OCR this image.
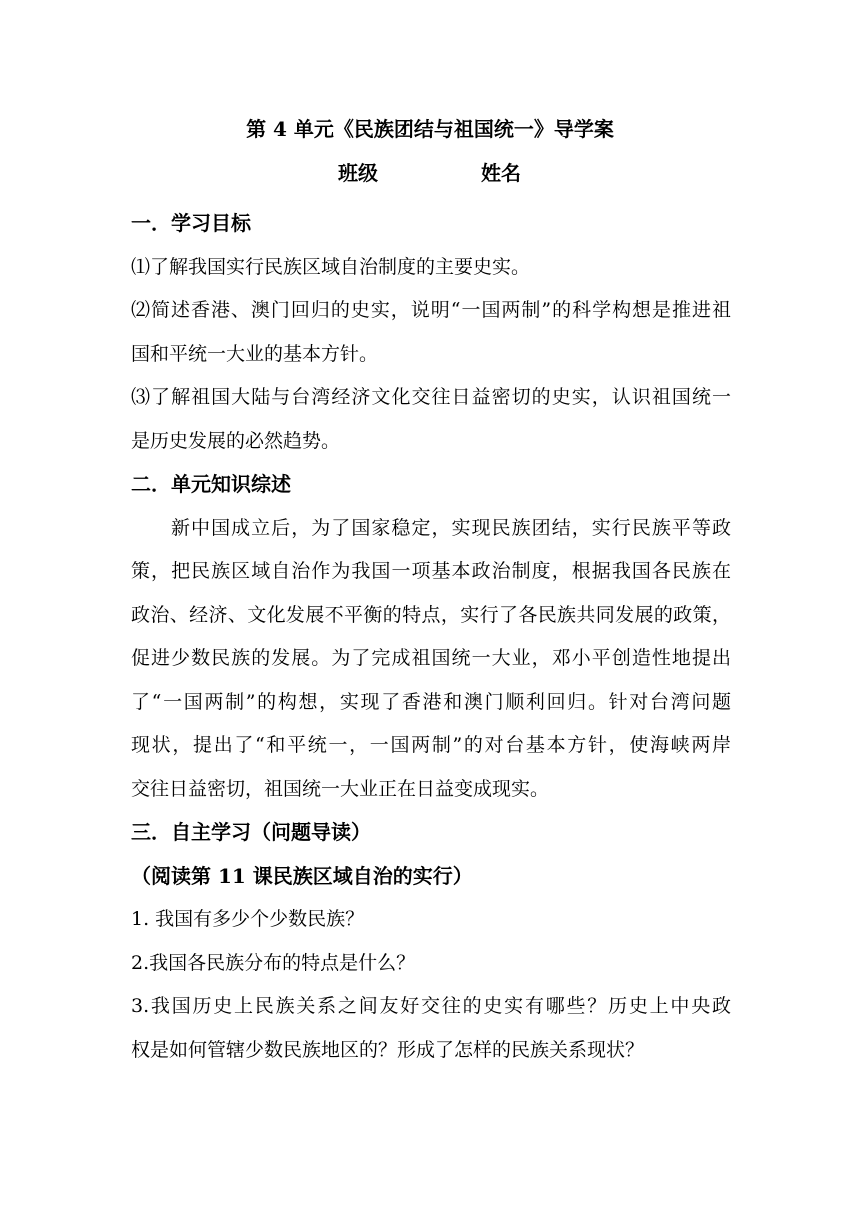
第 4 单元《民族团结与祖国统一》导学案
班级	姓名
一．学习目标
⑴了解我国实行民族区域自治制度的主要史实。
⑵简述香港、澳门回归的史实，说明“一国两制”的科学构想是推进祖
国和平统一大业的基本方针。
⑶了解祖国大陆与台湾经济文化交往日益密切的史实，认识祖国统一
是历史发展的必然趋势。
二．单元知识综述
新中国成立后，为了国家稳定，实现民族团结，实行民族平等政
策，把民族区域自治作为我国一项基本政治制度，根据我国各民族在
政治、经济、文化发展不平衡的特点，实行了各民族共同发展的政策，
促进少数民族的发展。为了完成祖国统一大业，邓小平创造性地提出
了“一国两制”的构想，实现了香港和澳门顺利回归。针对台湾问题
现状，提出了“和平统一，一国两制”的对台基本方针，使海峡两岸
交往日益密切，祖国统一大业正在日益变成现实。
三．自主学习（问题导读）
（阅读第 11 课民族区域自治的实行）
1. 我国有多少个少数民族？
2.我国各民族分布的特点是什么？
3.我国历史上民族关系之间友好交往的史实有哪些？历史上中央政
权是如何管辖少数民族地区的？形成了怎样的民族关系现状？
